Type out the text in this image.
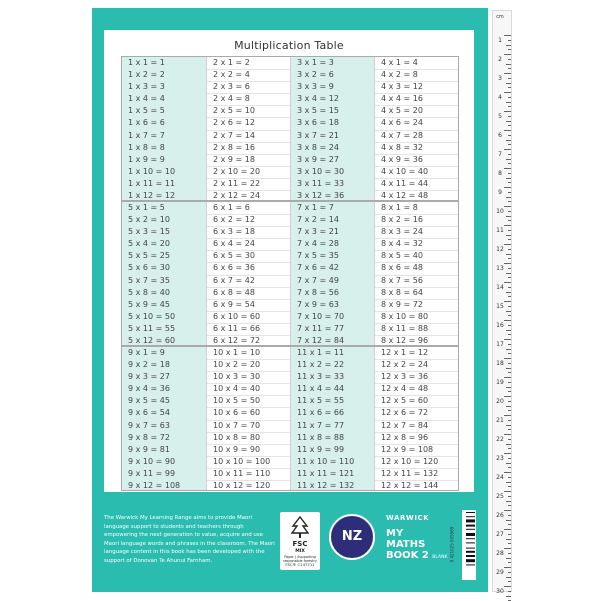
Multiplication Table
1 x 1 = 1
1 x 2 = 2
1 x 3 = 3
1 x 4 = 4
1 x 5 = 5
1 x 6 = 6
1 x 7 = 7
1 x 8 = 8
1 x 9 = 9
1 x 10 = 10
1 x 11 = 11
1 x 12 = 12
2 x 1 = 2
2 x 2 = 4
2 x 3 = 6
2 x 4 = 8
2 x 5 = 10
2 x 6 = 12
2 x 7 = 14
2 x 8 = 16
2 x 9 = 18
2 x 10 = 20
2 x 11 = 22
2 x 12 = 24
3 x 1 = 3
3 x 2 = 6
3 x 3 = 9
3 x 4 = 12
3 x 5 = 15
3 x 6 = 18
3 x 7 = 21
3 x 8 = 24
3 x 9 = 27
3 x 10 = 30
3 x 11 = 33
3 x 12 = 36
4 x 1 = 4
4 x 2 = 8
4 x 3 = 12
4 x 4 = 16
4 x 5 = 20
4 x 6 = 24
4 x 7 = 28
4 x 8 = 32
4 x 9 = 36
4 x 10 = 40
4 x 11 = 44
4 x 12 = 48
5 x 1 = 5
5 x 2 = 10
5 x 3 = 15
5 x 4 = 20
5 x 5 = 25
5 x 6 = 30
5 x 7 = 35
5 x 8 = 40
5 x 9 = 45
5 x 10 = 50
5 x 11 = 55
5 x 12 = 60
6 x 1 = 6
6 x 2 = 12
6 x 3 = 18
6 x 4 = 24
6 x 5 = 30
6 x 6 = 36
6 x 7 = 42
6 x 8 = 48
6 x 9 = 54
6 x 10 = 60
6 x 11 = 66
6 x 12 = 72
7 x 1 = 7
7 x 2 = 14
7 x 3 = 21
7 x 4 = 28
7 x 5 = 35
7 x 6 = 42
7 x 7 = 49
7 x 8 = 56
7 x 9 = 63
7 x 10 = 70
7 x 11 = 77
7 x 12 = 84
8 x 1 = 8
8 x 2 = 16
8 x 3 = 24
8 x 4 = 32
8 x 5 = 40
8 x 6 = 48
8 x 7 = 56
8 x 8 = 64
8 x 9 = 72
8 x 10 = 80
8 x 11 = 88
8 x 12 = 96
9 x 1 = 9
9 x 2 = 18
9 x 3 = 27
9 x 4 = 36
9 x 5 = 45
9 x 6 = 54
9 x 7 = 63
9 x 8 = 72
9 x 9 = 81
9 x 10 = 90
9 x 11 = 99
9 x 12 = 108
10 x 1 = 10
10 x 2 = 20
10 x 3 = 30
10 x 4 = 40
10 x 5 = 50
10 x 6 = 60
10 x 7 = 70
10 x 8 = 80
10 x 9 = 90
10 x 10 = 100
10 x 11 = 110
10 x 12 = 120
11 x 1 = 11
11 x 2 = 22
11 x 3 = 33
11 x 4 = 44
11 x 5 = 55
11 x 6 = 66
11 x 7 = 77
11 x 8 = 88
11 x 9 = 99
11 x 10 = 110
11 x 11 = 121
11 x 12 = 132
12 x 1 = 12
12 x 2 = 24
12 x 3 = 36
12 x 4 = 48
12 x 5 = 60
12 x 6 = 72
12 x 7 = 84
12 x 8 = 96
12 x 9 = 108
12 x 10 = 120
12 x 11 = 132
12 x 12 = 144
The Warwick My Learning Range aims to provide Maori language support to students and teachers through empowering the next generation to value, acquire and use Maori language words and phrases in the classroom. The Maori language content in this book has been developed with the support of Donovan Te Ahunui Farnham.
FSC
MIX
Paper | Supporting responsible forestry
FSC® C147711
NZ
WARWICK
MY
MATHS
BOOK 2 BLANK 9 421025 005989
cm
1
2
3
4
5
6
7
8
9
10
11
12
13
14
15
16
17
18
19
20
21
22
23
24
25
26
27
28
29
30
